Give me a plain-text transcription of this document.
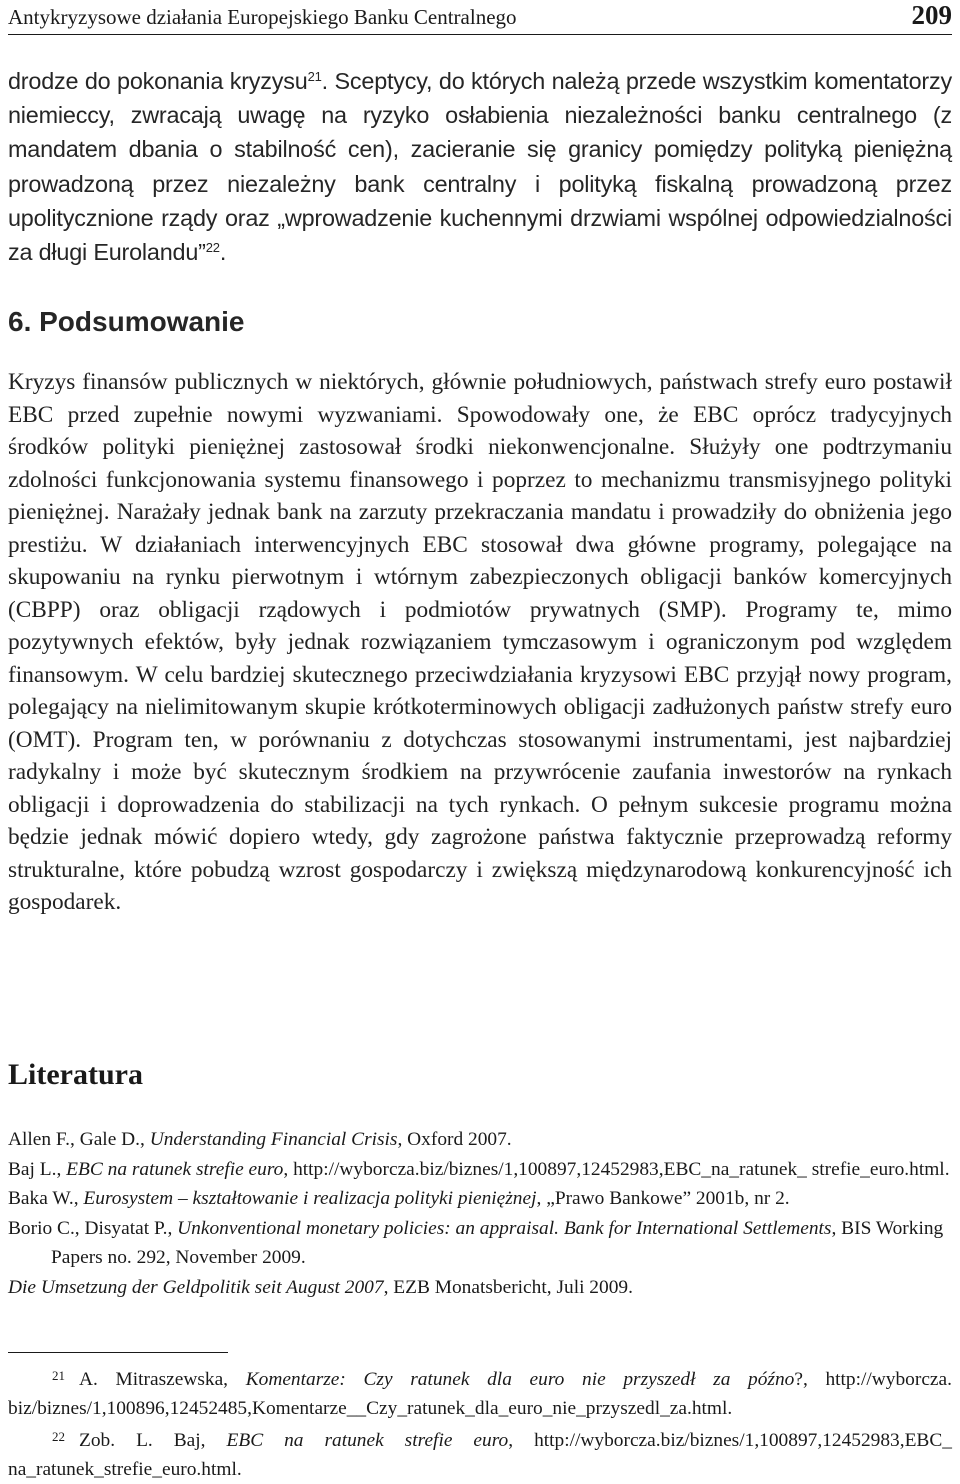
Antykryzysowe działania Europejskiego Banku Centralnego	209

drodze do pokonania kryzysu$^{21}$. Sceptycy, do których należą przede wszystkim komentatorzy niemieccy, zwracają uwagę na ryzyko osłabienia niezależności banku centralnego (z mandatem dbania o stabilność cen), zacieranie się granicy pomiędzy polityką pieniężną prowadzoną przez niezależny bank centralny i polityką fiskalną prowadzoną przez upolitycznione rządy oraz „wprowadzenie kuchennymi drzwiami wspólnej odpowiedzialności za długi Eurolandu”$^{22}$.

6. Podsumowanie

Kryzys finansów publicznych w niektórych, głównie południowych, państwach strefy euro postawił EBC przed zupełnie nowymi wyzwaniami. Spowodowały one, że EBC oprócz tradycyjnych środków polityki pieniężnej zastosował środki niekonwencjonalne. Służyły one podtrzymaniu zdolności funkcjonowania systemu finansowego i poprzez to mechanizmu transmisyjnego polityki pieniężnej. Narażały jednak bank na zarzuty przekraczania mandatu i prowadziły do obniżenia jego prestiżu. W działaniach interwencyjnych EBC stosował dwa główne programy, polegające na skupowaniu na rynku pierwotnym i wtórnym zabezpieczonych obligacji banków komercyjnych (CBPP) oraz obligacji rządowych i podmiotów prywatnych (SMP). Programy te, mimo pozytywnych efektów, były jednak rozwiązaniem tymczasowym i ograniczonym pod względem finansowym. W celu bardziej skutecznego przeciwdziałania kryzysowi EBC przyjął nowy program, polegający na nielimitowanym skupie krótkoterminowych obligacji zadłużonych państw strefy euro (OMT). Program ten, w porównaniu z dotychczas stosowanymi instrumentami, jest najbardziej radykalny i może być skutecznym środkiem na przywrócenie zaufania inwestorów na rynkach obligacji i doprowadzenia do stabilizacji na tych rynkach. O pełnym sukcesie programu można będzie jednak mówić dopiero wtedy, gdy zagrożone państwa faktycznie przeprowadzą reformy strukturalne, które pobudzą wzrost gospodarczy i zwiększą międzynarodową konkurencyjność ich gospodarek.

Literatura

Allen F., Gale D., Understanding Financial Crisis, Oxford 2007.

Baj L., EBC na ratunek strefie euro, http://wyborcza.biz/biznes/1,100897,12452983,EBC_na_ratunek_ strefie_euro.html.

Baka W., Eurosystem – kształtowanie i realizacja polityki pieniężnej, „Prawo Bankowe” 2001b, nr 2.

Borio C., Disyatat P., Unkonventional monetary policies: an appraisal. Bank for International Settlements, BIS Working Papers no. 292, November 2009.

Die Umsetzung der Geldpolitik seit August 2007, EZB Monatsbericht, Juli 2009.

$^{21}$ A. Mitraszewska, Komentarze: Czy ratunek dla euro nie przyszedł za późno?, http://wyborcza. biz/biznes/1,100896,12452485,Komentarze__Czy_ratunek_dla_euro_nie_przyszedl_za.html.

$^{22}$ Zob. L. Baj, EBC na ratunek strefie euro, http://wyborcza.biz/biznes/1,100897,12452983,EBC_ na_ratunek_strefie_euro.html.
